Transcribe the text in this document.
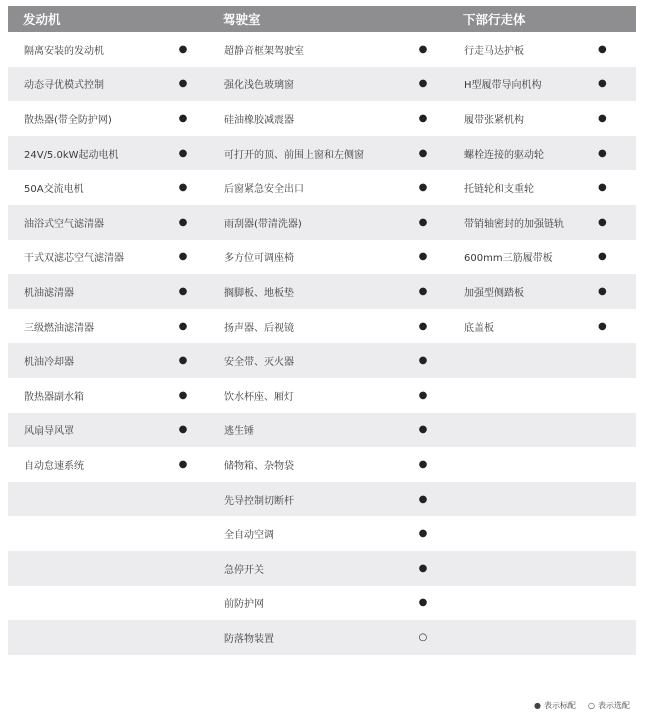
发动机		驾驶室		下部行走体	
隔离安装的发动机	●	超静音框架驾驶室	●	行走马达护板	●
动态寻优模式控制	●	强化浅色玻璃窗	●	H型履带导向机构	●
散热器(带全防护网)	●	硅油橡胶减震器	●	履带张紧机构	●
24V/5.0kW起动电机	●	可打开的顶、前围上窗和左侧窗	●	螺栓连接的驱动轮	●
50A交流电机	●	后窗紧急安全出口	●	托链轮和支重轮	●
油浴式空气滤清器	●	雨刮器(带清洗器)	●	带销轴密封的加强链轨	●
干式双滤芯空气滤清器	●	多方位可调座椅	●	600mm三筋履带板	●
机油滤清器	●	搁脚板、地板垫	●	加强型侧踏板	●
三级燃油滤清器	●	扬声器、后视镜	●	底盖板	●
机油冷却器	●	安全带、灭火器	●		
散热器副水箱	●	饮水杯座、厢灯	●		
风扇导风罩	●	逃生锤	●		
自动怠速系统	●	储物箱、杂物袋	●		
		先导控制切断杆	●		
		全自动空调	●		
		急停开关	●		
		前防护网	●		
		防落物装置	○		
● 表示标配 ○ 表示选配
